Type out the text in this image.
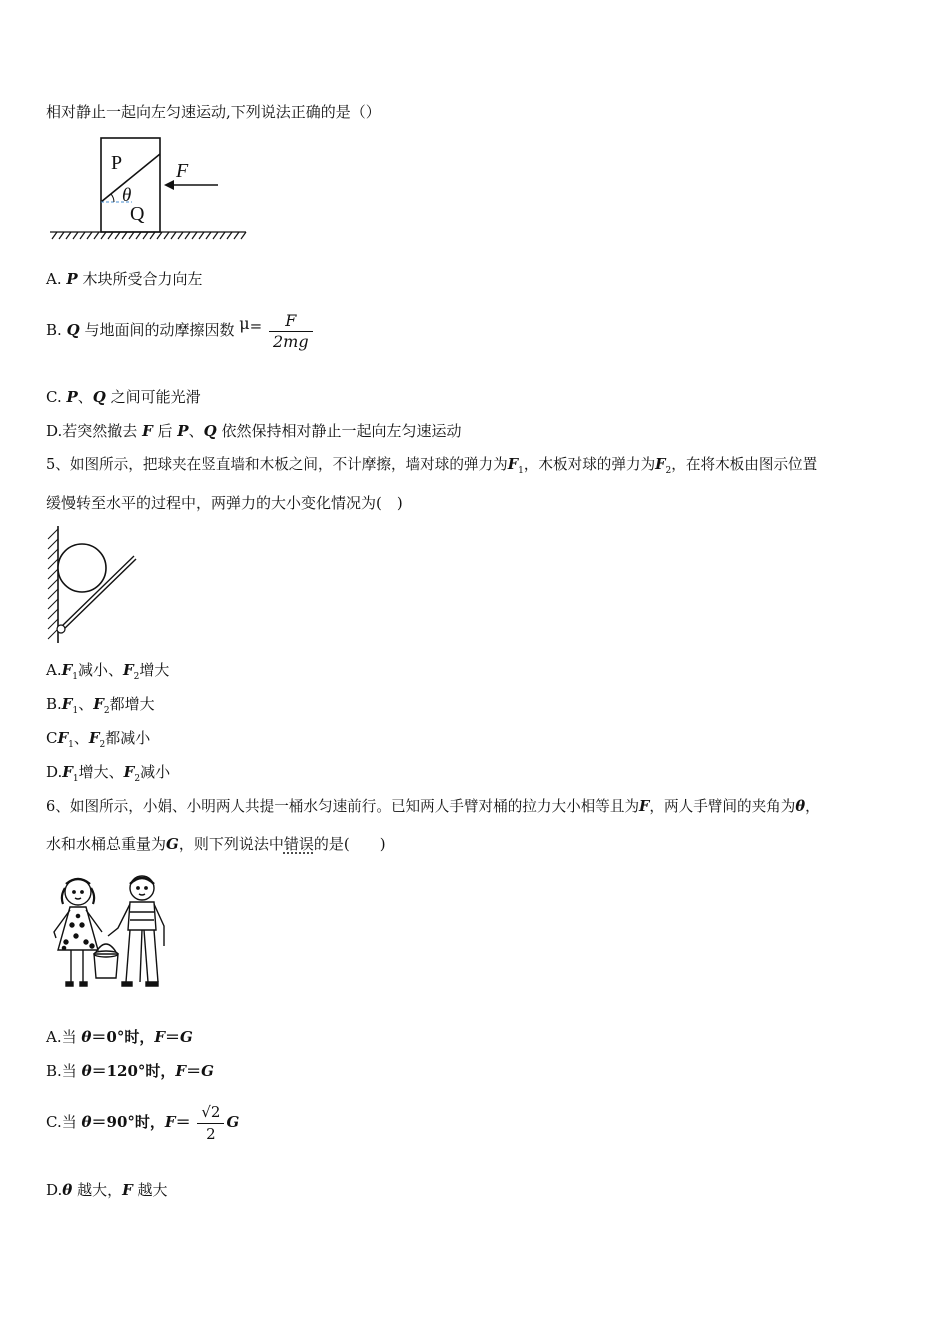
相对静止一起向左匀速运动,下列说法正确的是（）
P
θ
Q
F
A. P 木块所受合力向左
B. Q 与地面间的动摩擦因数 $\mu= \frac{F}{2mg}$
C. P、Q 之间可能光滑
D.若突然撤去 F 后 P、Q 依然保持相对静止一起向左匀速运动
5、如图所示，把球夹在竖直墙和木板之间，不计摩擦，墙对球的弹力为$F_1$，木板对球的弹力为$F_2$，在将木板由图示位置
缓慢转至水平的过程中，两弹力的大小变化情况为(　)
$A.F_1$减小、$F_2$增大
$B.F_1$、$F_2$都增大
$CF_1$、$F_2$都减小
$D.F_1$增大、$F_2$减小
6、如图所示，小娟、小明两人共提一桶水匀速前行。已知两人手臂对桶的拉力大小相等且为F，两人手臂间的夹角为θ，
水和水桶总重量为G，则下列说法中错误的是(　　)
A.当 θ＝0°时，F＝G
B.当 θ＝120°时，F＝G
C.当 θ＝90°时，$F= \frac{√2}{2}$ G
D.θ 越大，F 越大
